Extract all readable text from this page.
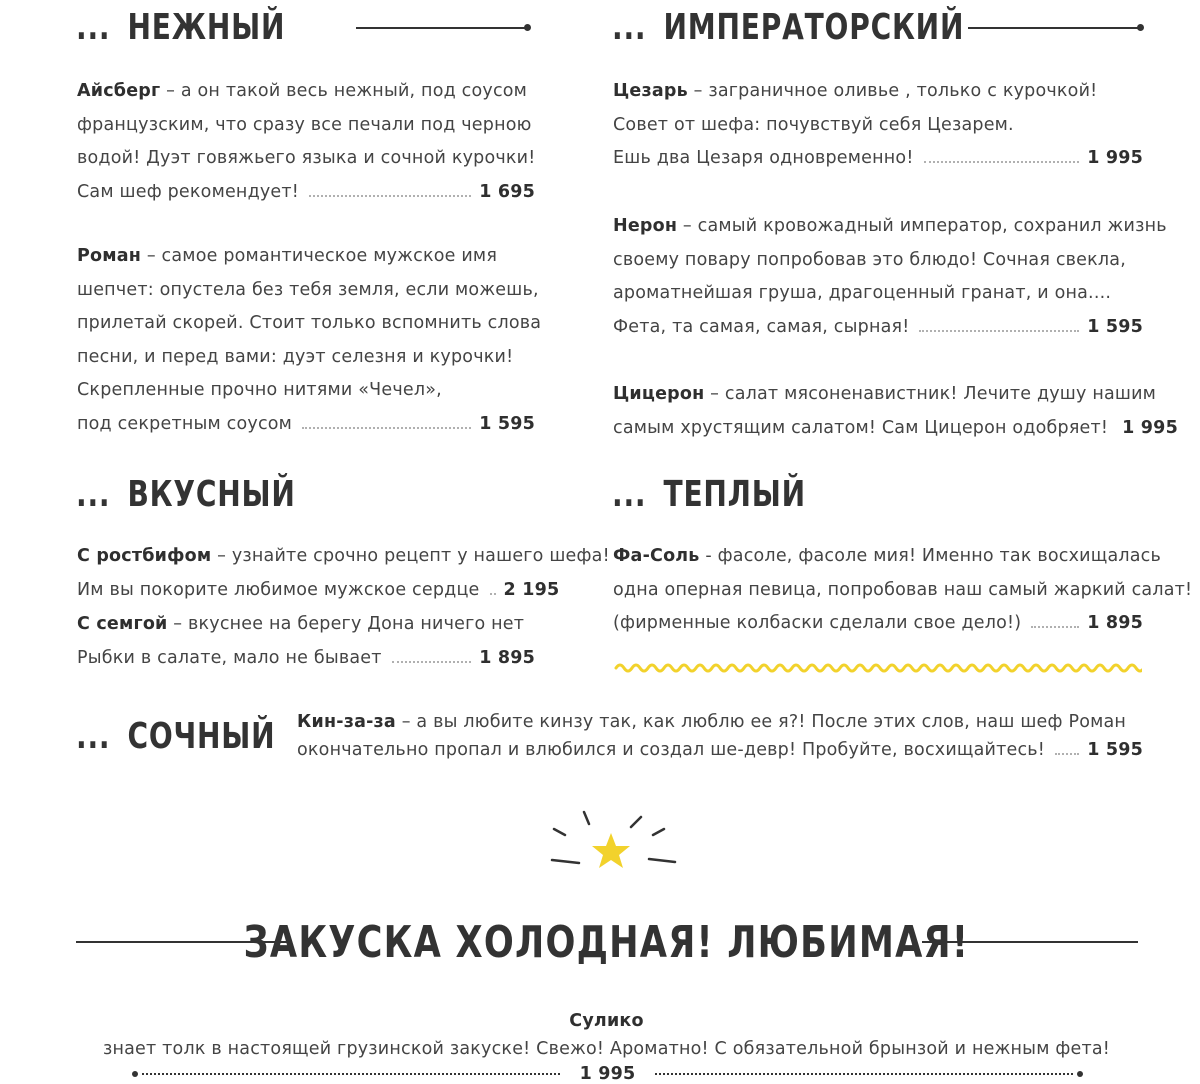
... НЕЖНЫЙ
Айсберг – а он такой весь нежный, под соусом
французским, что сразу все печали под черною
водой! Дуэт говяжьего языка и сочной курочки!
Сам шеф рекомендует!	1 695
Роман – самое романтическое мужское имя
шепчет: опустела без тебя земля, если можешь,
прилетай скорей. Стоит только вспомнить слова
песни, и перед вами: дуэт селезня и курочки!
Скрепленные прочно нитями «Чечел»,
под секретным соусом	1 595
... ИМПЕРАТОРСКИЙ
Цезарь – заграничное оливье , только с курочкой!
Совет от шефа: почувствуй себя Цезарем.
Ешь два Цезаря одновременно!	1 995
Нерон – самый кровожадный император, сохранил жизнь
своему повару попробовав это блюдо! Сочная свекла,
ароматнейшая груша, драгоценный гранат, и она....
Фета, та самая, самая, сырная!	1 595
Цицерон – салат мясоненавистник! Лечите душу нашим
самым хрустящим салатом! Сам Цицерон одобряет! 1 995
... ВКУСНЫЙ
С ростбифом – узнайте срочно рецепт у нашего шефа!
Им вы покорите любимое мужское сердце 2 195
С семгой – вкуснее на берегу Дона ничего нет
Рыбки в салате, мало не бывает	1 895
... ТЕПЛЫЙ
Фа-Соль - фасоле, фасоле мия! Именно так восхищалась
одна оперная певица, попробовав наш самый жаркий салат!
(фирменные колбаски сделали свое дело!)	1 895
... СОЧНЫЙ Кин-за-за – а вы любите кинзу так, как люблю ее я?! После этих слов, наш шеф Роман
окончательно пропал и влюбился и создал ше-девр! Пробуйте, восхищайтесь! 1 595
ЗАКУСКА ХОЛОДНАЯ! ЛЮБИМАЯ!
Сулико
знает толк в настоящей грузинской закуске! Свежо! Ароматно! С обязательной брынзой и нежным фета!
1 995
